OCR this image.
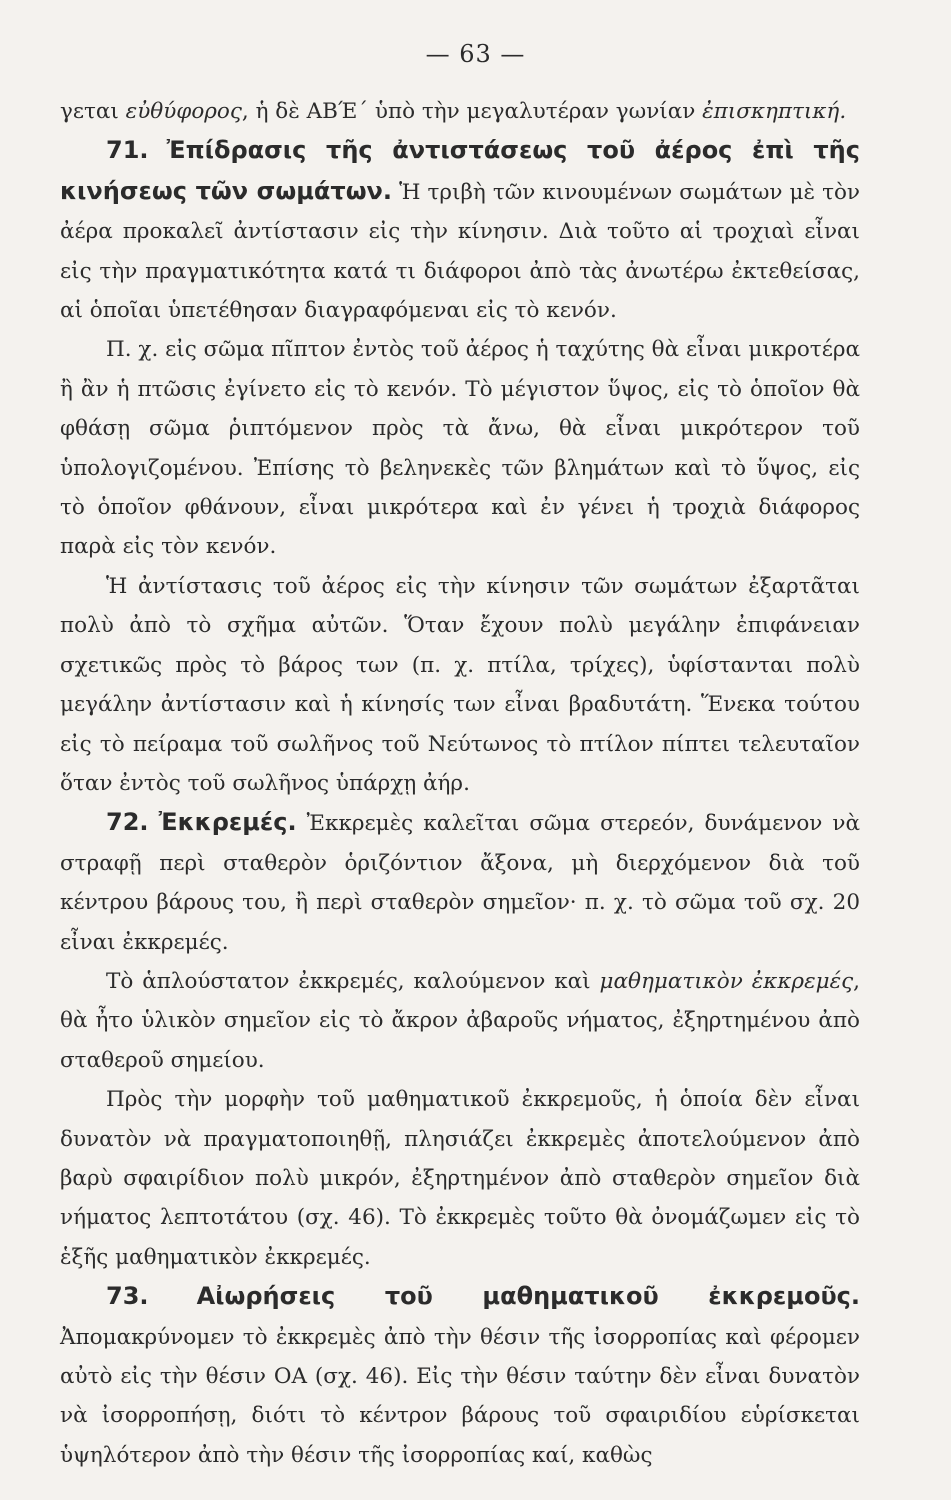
— 63 —

γεται εὐθύφορος, ἡ δὲ ΑΒΈ΄ ὑπὸ τὴν μεγαλυτέραν γωνίαν ἐπισκηπτική.

71. Ἐπίδρασις τῆς ἀντιστάσεως τοῦ ἀέρος ἐπὶ τῆς κινήσεως τῶν σωμάτων. Ἡ τριβὴ τῶν κινουμένων σωμάτων μὲ τὸν ἀέρα προκαλεῖ ἀντίστασιν εἰς τὴν κίνησιν. Διὰ τοῦτο αἱ τροχιαὶ εἶναι εἰς τὴν πραγματικότητα κατά τι διάφοροι ἀπὸ τὰς ἀνωτέρω ἐκτεθείσας, αἱ ὁποῖαι ὑπετέθησαν διαγραφόμεναι εἰς τὸ κενόν.

Π. χ. εἰς σῶμα πῖπτον ἐντὸς τοῦ ἀέρος ἡ ταχύτης θὰ εἶναι μικροτέρα ἢ ἂν ἡ πτῶσις ἐγίνετο εἰς τὸ κενόν. Τὸ μέγιστον ὕψος, εἰς τὸ ὁποῖον θὰ φθάσῃ σῶμα ῥιπτόμενον πρὸς τὰ ἄνω, θὰ εἶναι μικρότερον τοῦ ὑπολογιζομένου. Ἐπίσης τὸ βεληνεκὲς τῶν βλημάτων καὶ τὸ ὕψος, εἰς τὸ ὁποῖον φθάνουν, εἶναι μικρότερα καὶ ἐν γένει ἡ τροχιὰ διάφορος παρὰ εἰς τὸν κενόν.

Ἡ ἀντίστασις τοῦ ἀέρος εἰς τὴν κίνησιν τῶν σωμάτων ἐξαρτᾶται πολὺ ἀπὸ τὸ σχῆμα αὐτῶν. Ὅταν ἔχουν πολὺ μεγάλην ἐπιφάνειαν σχετικῶς πρὸς τὸ βάρος των (π. χ. πτίλα, τρίχες), ὑφίστανται πολὺ μεγάλην ἀντίστασιν καὶ ἡ κίνησίς των εἶναι βραδυτάτη. Ἕνεκα τούτου εἰς τὸ πείραμα τοῦ σωλῆνος τοῦ Νεύτωνος τὸ πτίλον πίπτει τελευταῖον ὅταν ἐντὸς τοῦ σωλῆνος ὑπάρχῃ ἀήρ.

72. Ἐκκρεμές. Ἐκκρεμὲς καλεῖται σῶμα στερεόν, δυνάμενον νὰ στραφῇ περὶ σταθερὸν ὁριζόντιον ἄξονα, μὴ διερχόμενον διὰ τοῦ κέντρου βάρους του, ἢ περὶ σταθερὸν σημεῖον· π. χ. τὸ σῶμα τοῦ σχ. 20 εἶναι ἐκκρεμές.

Τὸ ἁπλούστατον ἐκκρεμές, καλούμενον καὶ μαθηματικὸν ἐκκρεμές, θὰ ἦτο ὑλικὸν σημεῖον εἰς τὸ ἄκρον ἀβαροῦς νήματος, ἐξηρτημένου ἀπὸ σταθεροῦ σημείου.

Πρὸς τὴν μορφὴν τοῦ μαθηματικοῦ ἐκκρεμοῦς, ἡ ὁποία δὲν εἶναι δυνατὸν νὰ πραγματοποιηθῇ, πλησιάζει ἐκκρεμὲς ἀποτελούμενον ἀπὸ βαρὺ σφαιρίδιον πολὺ μικρόν, ἐξηρτημένον ἀπὸ σταθερὸν σημεῖον διὰ νήματος λεπτοτάτου (σχ. 46). Τὸ ἐκκρεμὲς τοῦτο θὰ ὀνομάζωμεν εἰς τὸ ἑξῆς μαθηματικὸν ἐκκρεμές.

73. Αἰωρήσεις τοῦ μαθηματικοῦ ἐκκρεμοῦς. Ἀπομακρύνομεν τὸ ἐκκρεμὲς ἀπὸ τὴν θέσιν τῆς ἰσορροπίας καὶ φέρομεν αὐτὸ εἰς τὴν θέσιν ΟΑ (σχ. 46). Εἰς τὴν θέσιν ταύτην δὲν εἶναι δυνατὸν νὰ ἰσορροπήσῃ, διότι τὸ κέντρον βάρους τοῦ σφαιριδίου εὑρίσκεται ὑψηλότερον ἀπὸ τὴν θέσιν τῆς ἰσορροπίας καί, καθὼς
